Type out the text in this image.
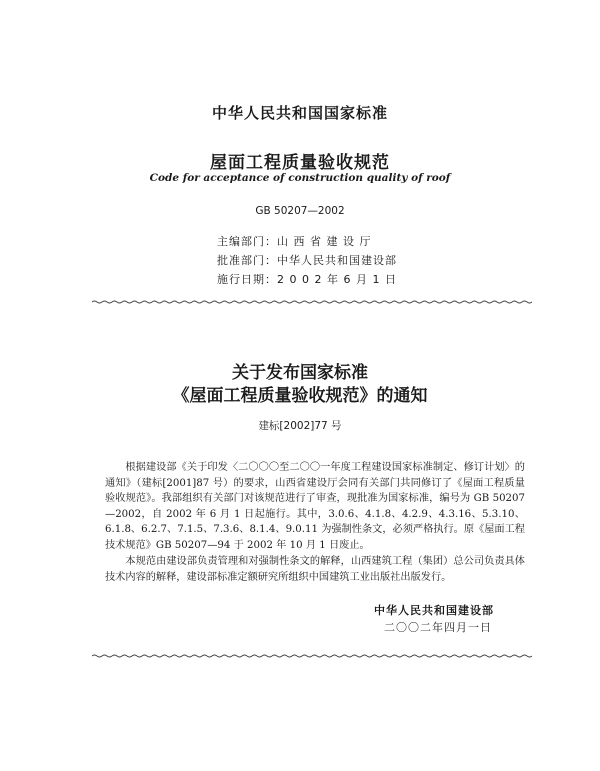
中华人民共和国国家标准
屋面工程质量验收规范
Code for acceptance of construction quality of roof
GB 50207—2002
主编部门：山 西 省 建 设 厅
批准部门：中华人民共和国建设部
施行日期：2 0 0 2 年 6 月 1 日
关于发布国家标准
《屋面工程质量验收规范》的通知
建标[2002]77 号
根据建设部《关于印发〈二〇〇〇至二〇〇一年度工程建设国家标准制定、修订计划〉的通知》（建标[2001]87 号）的要求，山西省建设厅会同有关部门共同修订了《屋面工程质量验收规范》。我部组织有关部门对该规范进行了审查，现批准为国家标准，编号为 GB 50207—2002，自 2002 年 6 月 1 日起施行。其中，3.0.6、4.1.8、4.2.9、4.3.16、5.3.10、6.1.8、6.2.7、7.1.5、7.3.6、8.1.4、9.0.11 为强制性条文，必须严格执行。原《屋面工程技术规范》GB 50207—94 于 2002 年 10 月 1 日废止。
本规范由建设部负责管理和对强制性条文的解释，山西建筑工程（集团）总公司负责具体技术内容的解释，建设部标准定额研究所组织中国建筑工业出版社出版发行。
中华人民共和国建设部
二〇〇二年四月一日
